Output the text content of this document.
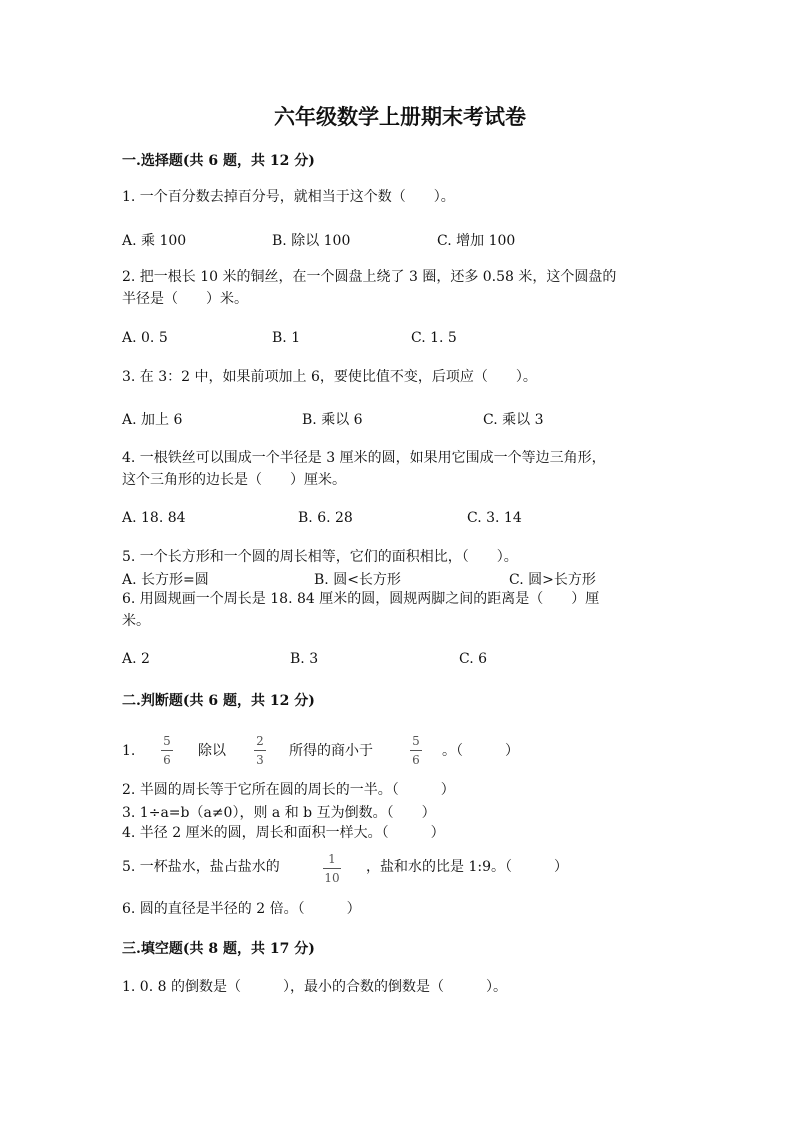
六年级数学上册期末考试卷
一.选择题(共 6 题，共 12 分)
1. 一个百分数去掉百分号，就相当于这个数（　　）。
A. 乘 100	B. 除以 100	C. 增加 100
2. 把一根长 10 米的铜丝，在一个圆盘上绕了 3 圈，还多 0.58 米，这个圆盘的
半径是（　　）米。
A. 0. 5	B. 1	C. 1. 5
3. 在 3：2 中，如果前项加上 6，要使比值不变，后项应（　　）。
A. 加上 6	B. 乘以 6	C. 乘以 3
4. 一根铁丝可以围成一个半径是 3 厘米的圆，如果用它围成一个等边三角形，
这个三角形的边长是（　　）厘米。
A. 18. 84	B. 6. 28	C. 3. 14
5. 一个长方形和一个圆的周长相等，它们的面积相比，（　　）。
A. 长方形=圆	B. 圆<长方形	C. 圆>长方形
6. 用圆规画一个周长是 18. 84 厘米的圆，圆规两脚之间的距离是（　　）厘
米。
A. 2	B. 3	C. 6
二.判断题(共 6 题，共 12 分)
1.
5
6
除以
2
3
所得的商小于
5
6
。（　　　）
2. 半圆的周长等于它所在圆的周长的一半。（　　　）
3. 1÷a=b（a≠0），则 a 和 b 互为倒数。（　　）
4. 半径 2 厘米的圆，周长和面积一样大。（　　　）
5. 一杯盐水，盐占盐水的	1
10
，盐和水的比是 1:9。（　　　）
6. 圆的直径是半径的 2 倍。（　　　）
三.填空题(共 8 题，共 17 分)
1. 0. 8 的倒数是（　　　），最小的合数的倒数是（　　　）。
